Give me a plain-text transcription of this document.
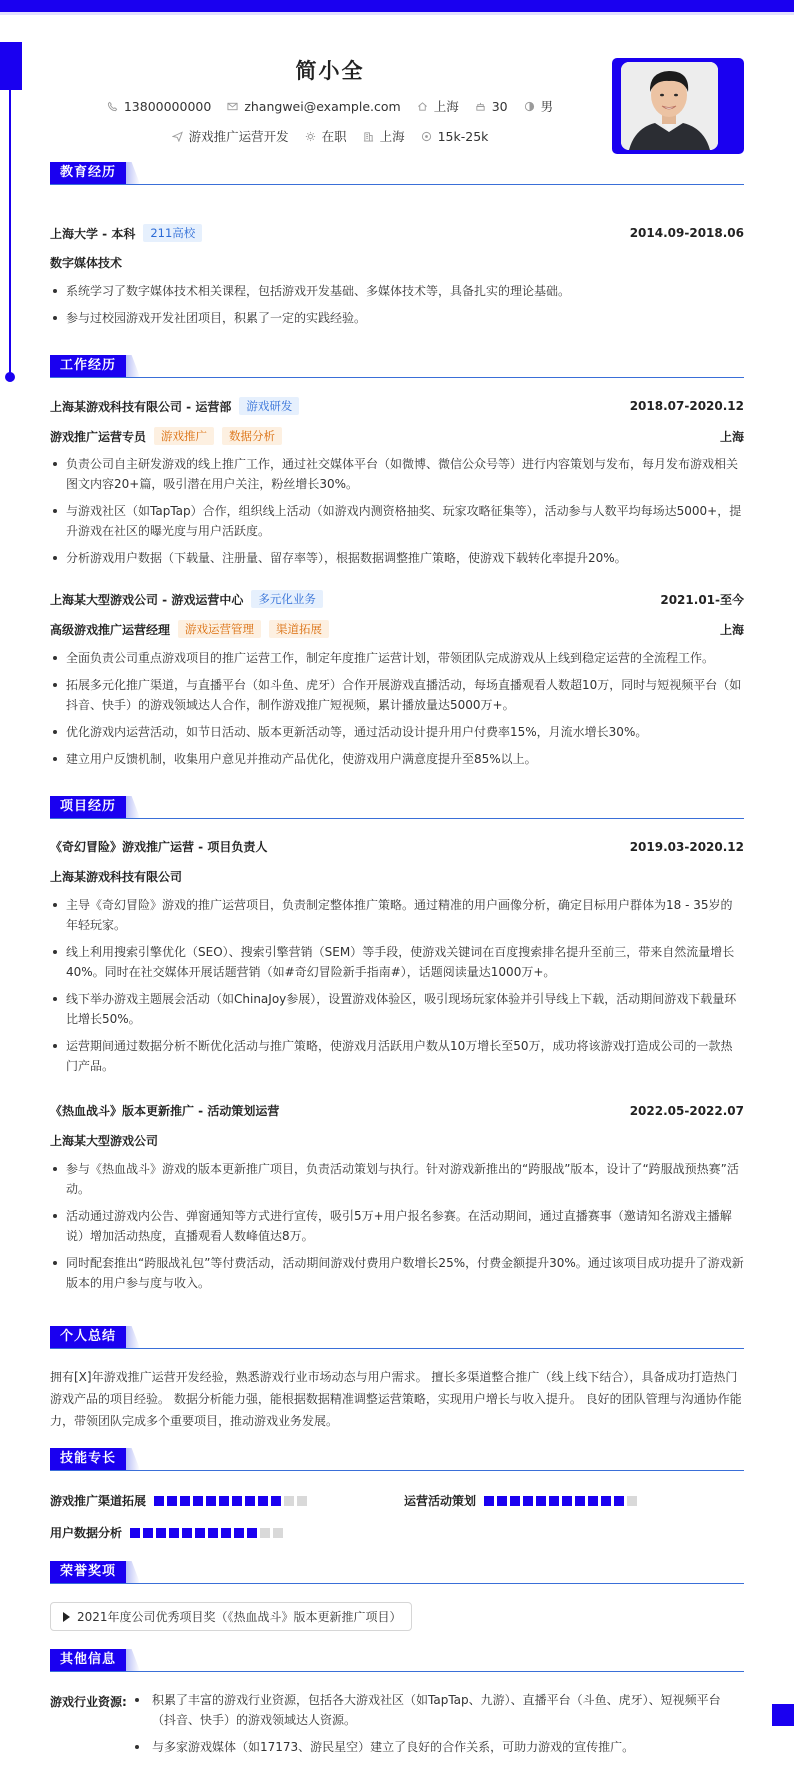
简小全
13800000000	zhangwei@example.com	上海	30	男
游戏推广运营开发	在职	上海	15k-25k
教育经历
上海大学 - 本科	211高校	2014.09-2018.06
数字媒体技术
系统学习了数字媒体技术相关课程，包括游戏开发基础、多媒体技术等，具备扎实的理论基础。
参与过校园游戏开发社团项目，积累了一定的实践经验。
工作经历
上海某游戏科技有限公司 - 运营部	游戏研发	2018.07-2020.12
游戏推广运营专员	游戏推广	数据分析	上海
负责公司自主研发游戏的线上推广工作，通过社交媒体平台（如微博、微信公众号等）进行内容策划与发布，每月发布游戏相关图文内容20+篇，吸引潜在用户关注，粉丝增长30%。
与游戏社区（如TapTap）合作，组织线上活动（如游戏内测资格抽奖、玩家攻略征集等），活动参与人数平均每场达5000+，提升游戏在社区的曝光度与用户活跃度。
分析游戏用户数据（下载量、注册量、留存率等），根据数据调整推广策略，使游戏下载转化率提升20%。
上海某大型游戏公司 - 游戏运营中心	多元化业务	2021.01-至今
高级游戏推广运营经理	游戏运营管理	渠道拓展	上海
全面负责公司重点游戏项目的推广运营工作，制定年度推广运营计划，带领团队完成游戏从上线到稳定运营的全流程工作。
拓展多元化推广渠道，与直播平台（如斗鱼、虎牙）合作开展游戏直播活动，每场直播观看人数超10万，同时与短视频平台（如抖音、快手）的游戏领域达人合作，制作游戏推广短视频，累计播放量达5000万+。
优化游戏内运营活动，如节日活动、版本更新活动等，通过活动设计提升用户付费率15%，月流水增长30%。
建立用户反馈机制，收集用户意见并推动产品优化，使游戏用户满意度提升至85%以上。
项目经历
《奇幻冒险》游戏推广运营 - 项目负责人	2019.03-2020.12
上海某游戏科技有限公司
主导《奇幻冒险》游戏的推广运营项目，负责制定整体推广策略。通过精准的用户画像分析，确定目标用户群体为18 - 35岁的年轻玩家。
线上利用搜索引擎优化（SEO）、搜索引擎营销（SEM）等手段，使游戏关键词在百度搜索排名提升至前三，带来自然流量增长40%。同时在社交媒体开展话题营销（如#奇幻冒险新手指南#），话题阅读量达1000万+。
线下举办游戏主题展会活动（如ChinaJoy参展），设置游戏体验区，吸引现场玩家体验并引导线上下载，活动期间游戏下载量环比增长50%。
运营期间通过数据分析不断优化活动与推广策略，使游戏月活跃用户数从10万增长至50万，成功将该游戏打造成公司的一款热门产品。
《热血战斗》版本更新推广 - 活动策划运营	2022.05-2022.07
上海某大型游戏公司
参与《热血战斗》游戏的版本更新推广项目，负责活动策划与执行。针对游戏新推出的“跨服战”版本，设计了“跨服战预热赛”活动。
活动通过游戏内公告、弹窗通知等方式进行宣传，吸引5万+用户报名参赛。在活动期间，通过直播赛事（邀请知名游戏主播解说）增加活动热度，直播观看人数峰值达8万。
同时配套推出“跨服战礼包”等付费活动，活动期间游戏付费用户数增长25%，付费金额提升30%。通过该项目成功提升了游戏新版本的用户参与度与收入。
个人总结
拥有[X]年游戏推广运营开发经验，熟悉游戏行业市场动态与用户需求。 擅长多渠道整合推广（线上线下结合），具备成功打造热门游戏产品的项目经验。 数据分析能力强，能根据数据精准调整运营策略，实现用户增长与收入提升。 良好的团队管理与沟通协作能力，带领团队完成多个重要项目，推动游戏业务发展。
技能专长
游戏推广渠道拓展	运营活动策划
用户数据分析
荣誉奖项
2021年度公司优秀项目奖（《热血战斗》版本更新推广项目）
其他信息
游戏行业资源:	积累了丰富的游戏行业资源，包括各大游戏社区（如TapTap、九游）、直播平台（斗鱼、虎牙）、短视频平台（抖音、快手）的游戏领域达人资源。
与多家游戏媒体（如17173、游民星空）建立了良好的合作关系，可助力游戏的宣传推广。
